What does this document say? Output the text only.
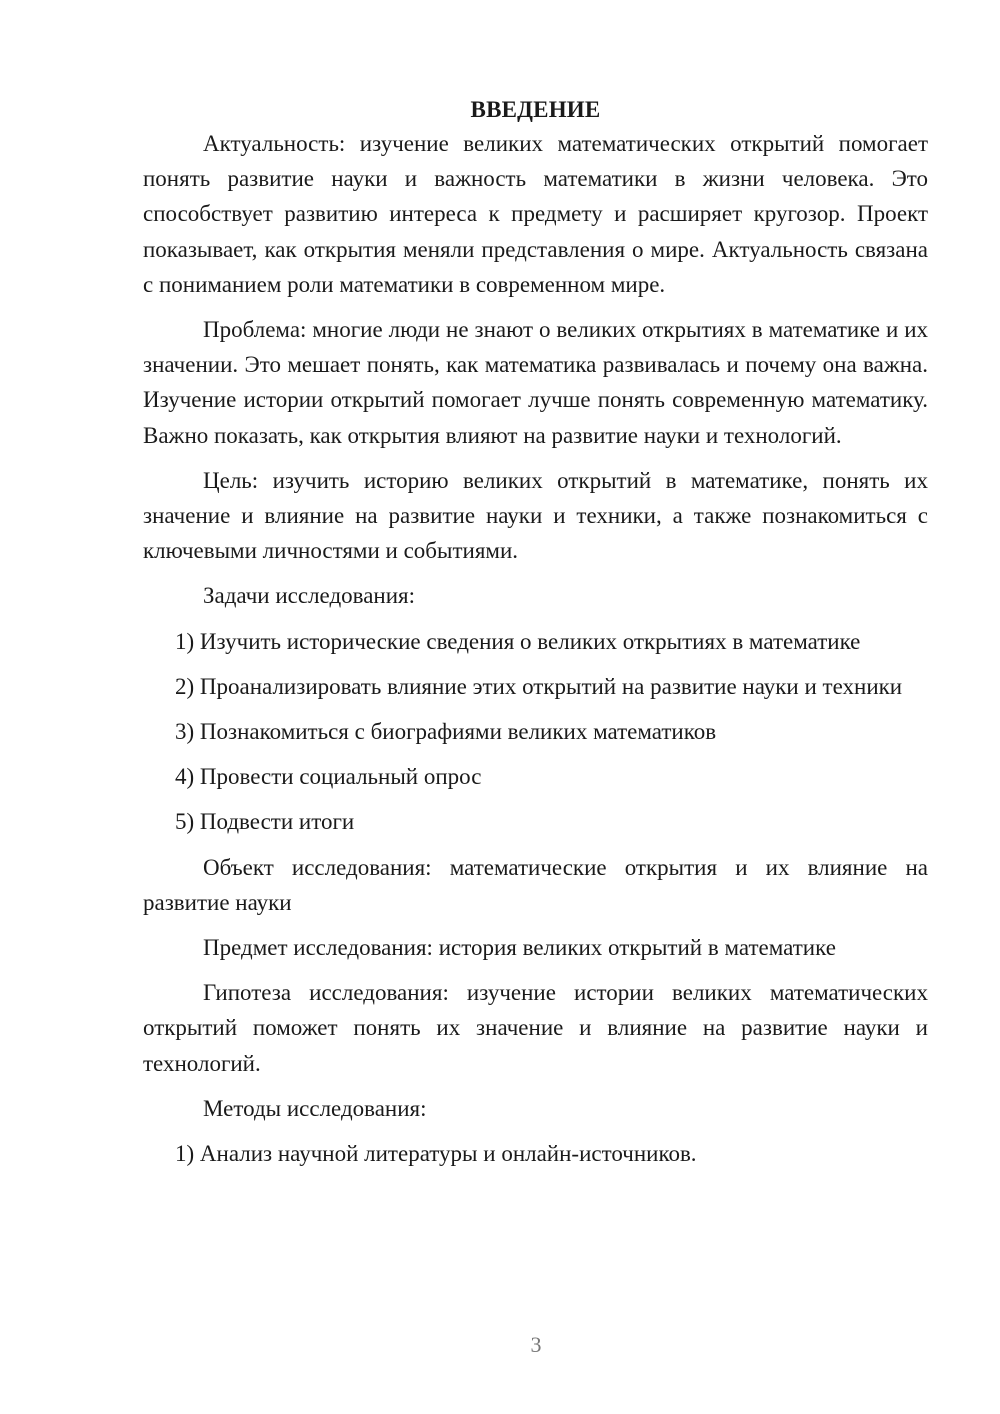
ВВЕДЕНИЕ

Актуальность: изучение великих математических открытий помогает понять развитие науки и важность математики в жизни человека. Это способствует развитию интереса к предмету и расширяет кругозор. Проект показывает, как открытия меняли представления о мире. Актуальность связана с пониманием роли математики в современном мире.

Проблема: многие люди не знают о великих открытиях в математике и их значении. Это мешает понять, как математика развивалась и почему она важна. Изучение истории открытий помогает лучше понять современную математику. Важно показать, как открытия влияют на развитие науки и технологий.

Цель: изучить историю великих открытий в математике, понять их значение и влияние на развитие науки и техники, а также познакомиться с ключевыми личностями и событиями.

Задачи исследования:

1) Изучить исторические сведения о великих открытиях в математике

2) Проанализировать влияние этих открытий на развитие науки и техники

3) Познакомиться с биографиями великих математиков

4) Провести социальный опрос

5) Подвести итоги

Объект исследования: математические открытия и их влияние на развитие науки

Предмет исследования: история великих открытий в математике

Гипотеза исследования: изучение истории великих математических открытий поможет понять их значение и влияние на развитие науки и технологий.

Методы исследования:

1) Анализ научной литературы и онлайн-источников.

3
